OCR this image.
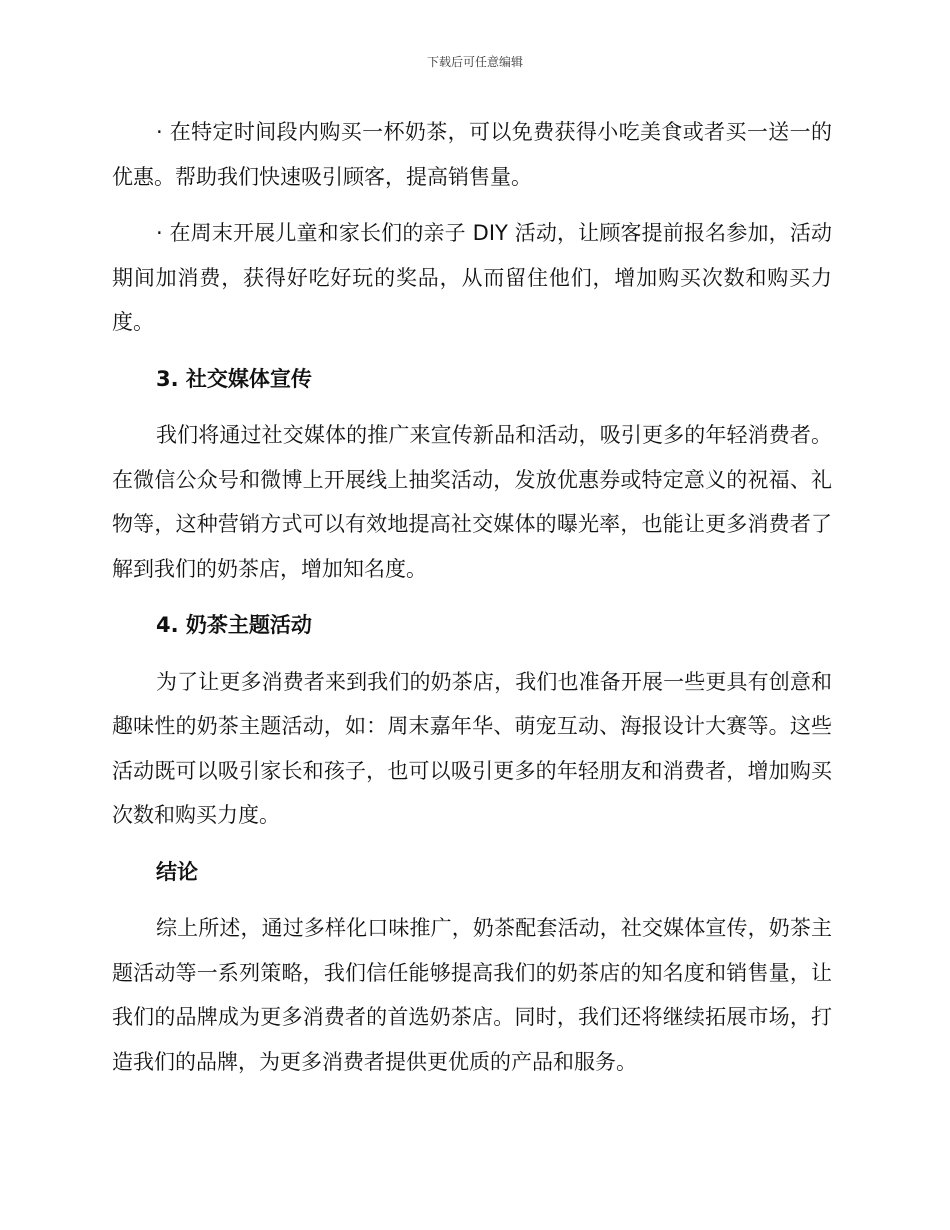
下载后可任意编辑

· 在特定时间段内购买一杯奶茶，可以免费获得小吃美食或者买一送一的优惠。帮助我们快速吸引顾客，提高销售量。

· 在周末开展儿童和家长们的亲子 DIY 活动，让顾客提前报名参加，活动期间加消费，获得好吃好玩的奖品，从而留住他们，增加购买次数和购买力度。

3. 社交媒体宣传

我们将通过社交媒体的推广来宣传新品和活动，吸引更多的年轻消费者。在微信公众号和微博上开展线上抽奖活动，发放优惠券或特定意义的祝福、礼物等，这种营销方式可以有效地提高社交媒体的曝光率，也能让更多消费者了解到我们的奶茶店，增加知名度。

4. 奶茶主题活动

为了让更多消费者来到我们的奶茶店，我们也准备开展一些更具有创意和趣味性的奶茶主题活动，如：周末嘉年华、萌宠互动、海报设计大赛等。这些活动既可以吸引家长和孩子，也可以吸引更多的年轻朋友和消费者，增加购买次数和购买力度。

结论

综上所述，通过多样化口味推广，奶茶配套活动，社交媒体宣传，奶茶主题活动等一系列策略，我们信任能够提高我们的奶茶店的知名度和销售量，让我们的品牌成为更多消费者的首选奶茶店。同时，我们还将继续拓展市场，打造我们的品牌，为更多消费者提供更优质的产品和服务。
